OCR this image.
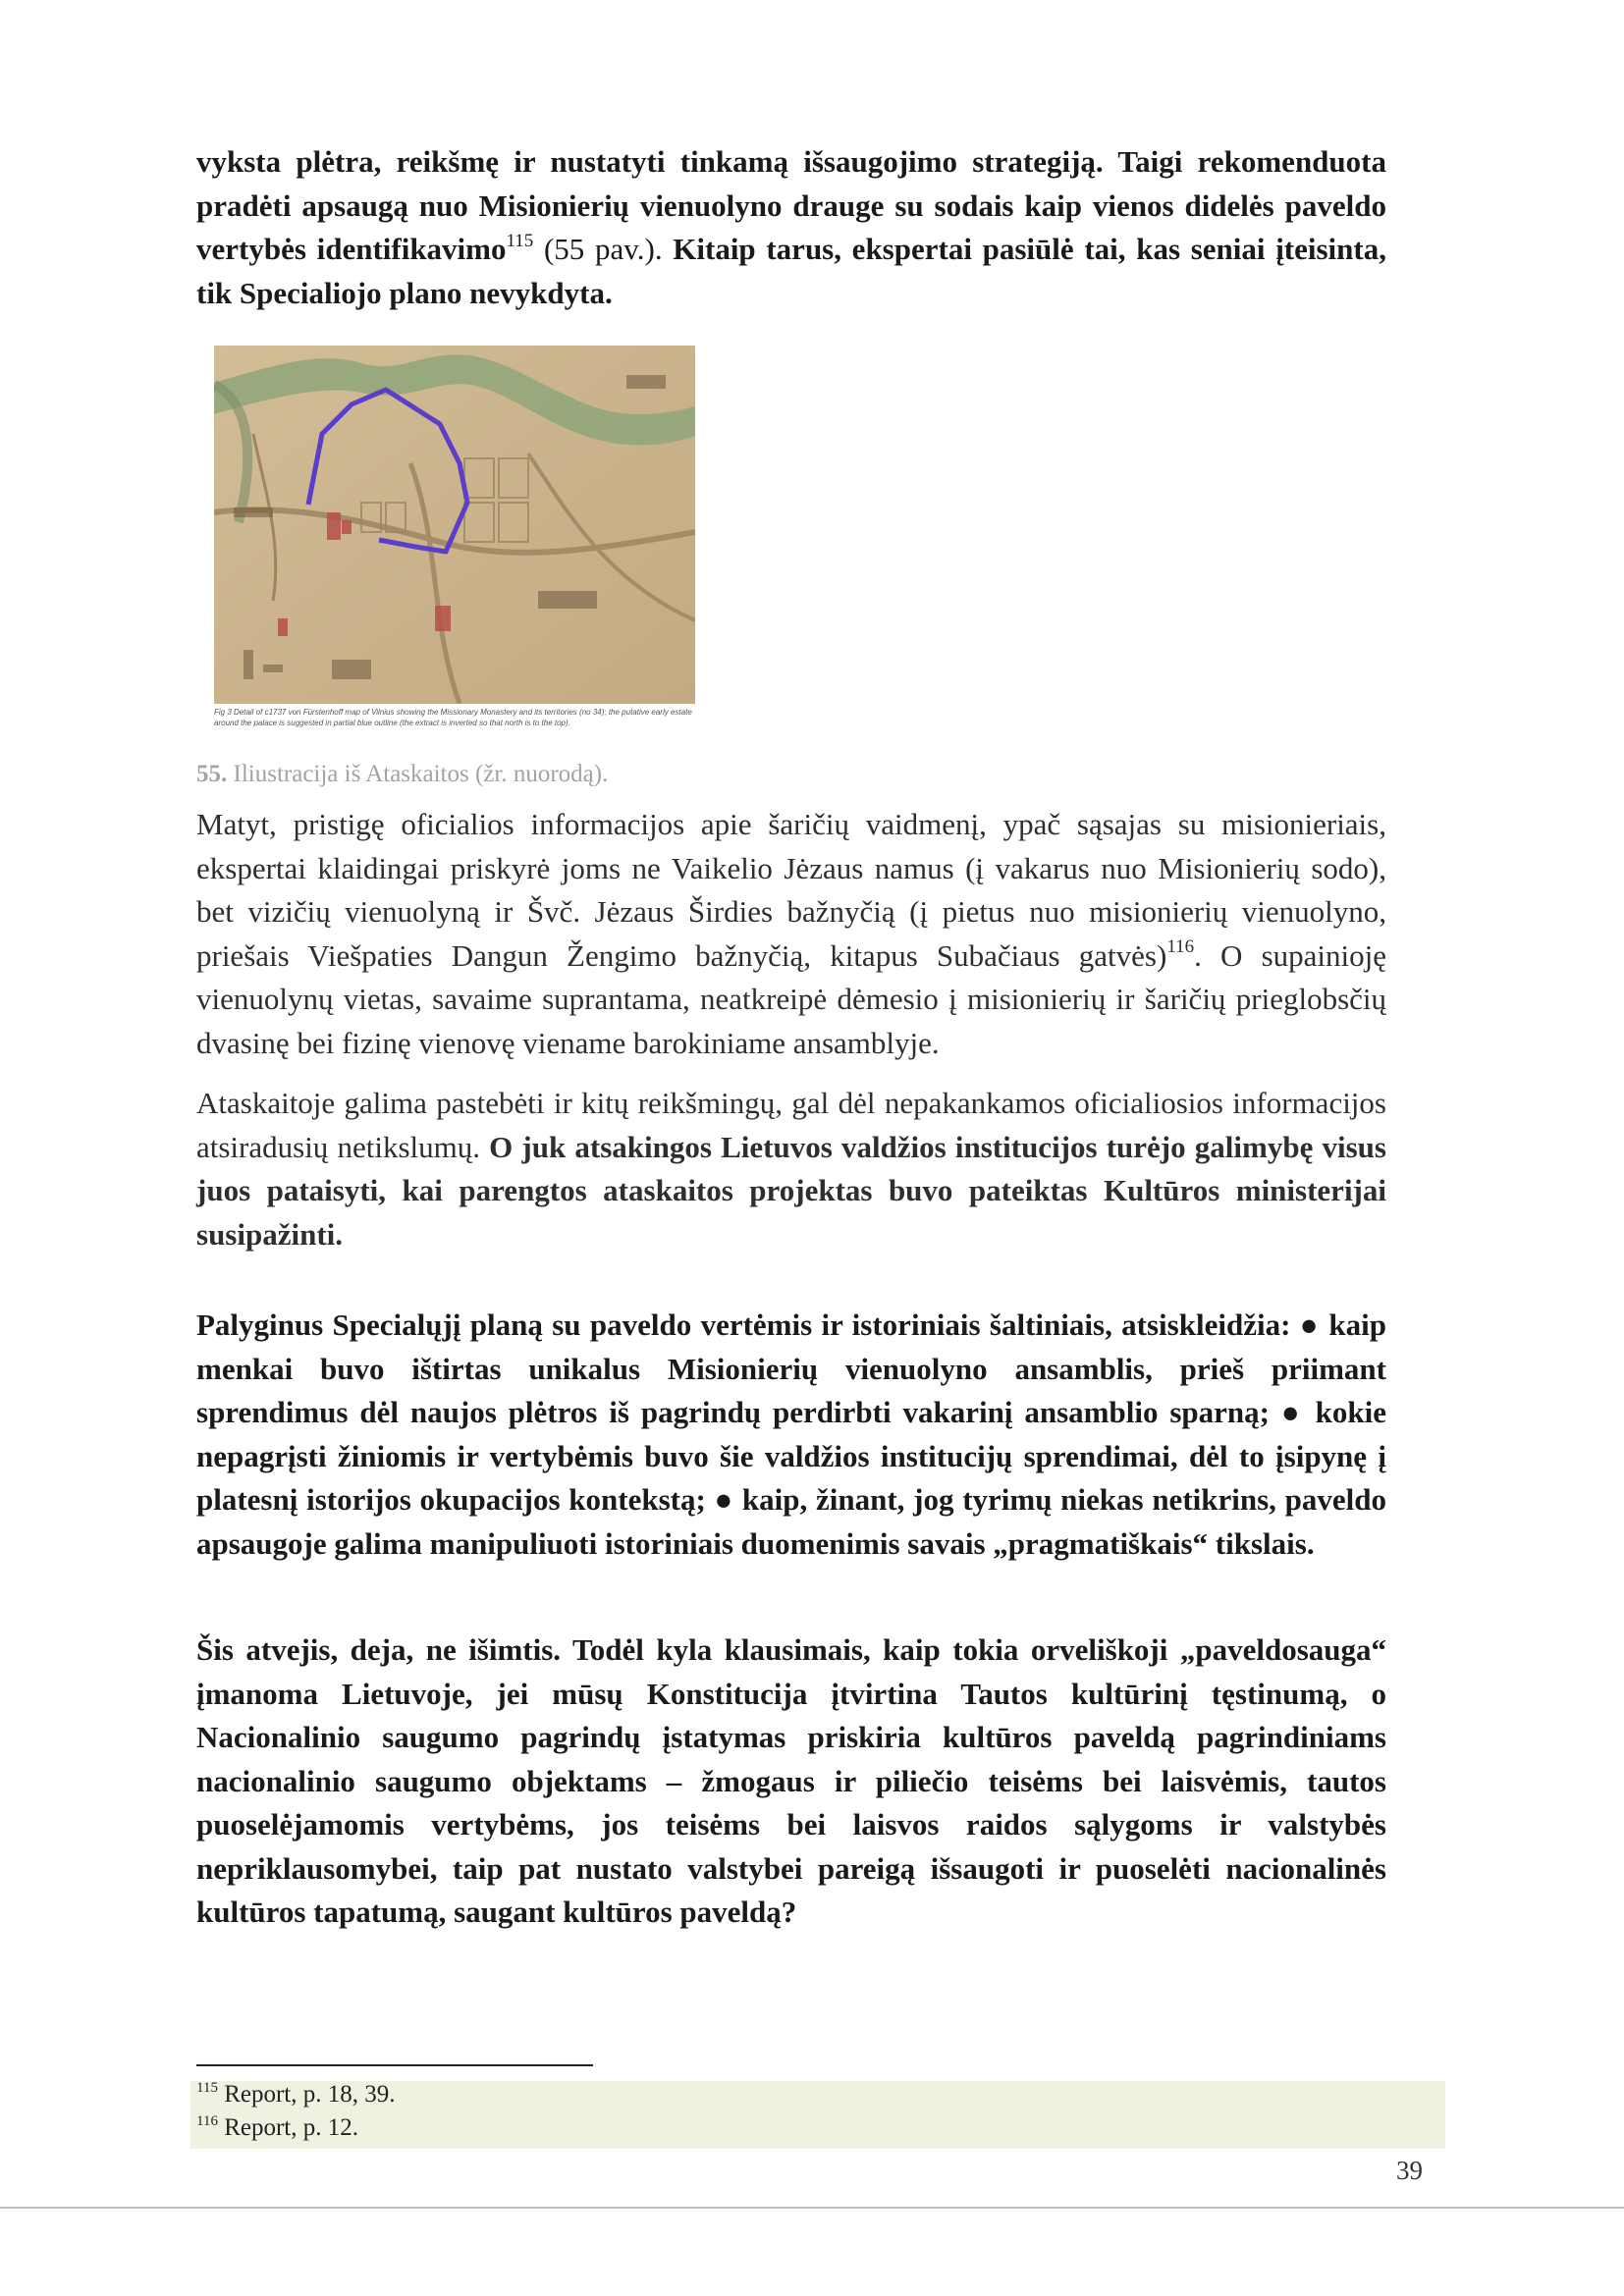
vyksta plėtra, reikšmę ir nustatyti tinkamą išsaugojimo strategiją. Taigi rekomenduota pradėti apsaugą nuo Misionierių vienuolyno drauge su sodais kaip vienos didelės paveldo vertybės identifikavimo$^{115}$ (55 pav.). Kitaip tarus, ekspertai pasiūlė tai, kas seniai įteisinta, tik Specialiojo plano nevykdyta.

Fig 3 Detail of c1737 von Fürstenhoff map of Vilnius showing the Missionary Monastery and its territories (no 34); the putative early estate around the palace is suggested in partial blue outline (the extract is inverted so that north is to the top).
55. Iliustracija iš Ataskaitos (žr. nuorodą).

Matyt, pristigę oficialios informacijos apie šaričių vaidmenį, ypač sąsajas su misionieriais, ekspertai klaidingai priskyrė joms ne Vaikelio Jėzaus namus (į vakarus nuo Misionierių sodo), bet vizičių vienuolyną ir Švč. Jėzaus Širdies bažnyčią (į pietus nuo misionierių vienuolyno, priešais Viešpaties Dangun Žengimo bažnyčią, kitapus Subačiaus gatvės)$^{116}$. O supainioję vienuolynų vietas, savaime suprantama, neatkreipė dėmesio į misionierių ir šaričių prieglobsčių dvasinę bei fizinę vienovę viename barokiniame ansamblyje.

Ataskaitoje galima pastebėti ir kitų reikšmingų, gal dėl nepakankamos oficialiosios informacijos atsiradusių netikslumų. O juk atsakingos Lietuvos valdžios institucijos turėjo galimybę visus juos pataisyti, kai parengtos ataskaitos projektas buvo pateiktas Kultūros ministerijai susipažinti.

Palyginus Specialųjį planą su paveldo vertėmis ir istoriniais šaltiniais, atsiskleidžia: ● kaip menkai buvo ištirtas unikalus Misionierių vienuolyno ansamblis, prieš priimant sprendimus dėl naujos plėtros iš pagrindų perdirbti vakarinį ansamblio sparną; ● kokie nepagrįsti žiniomis ir vertybėmis buvo šie valdžios institucijų sprendimai, dėl to įsipynę į platesnį istorijos okupacijos kontekstą; ● kaip, žinant, jog tyrimų niekas netikrins, paveldo apsaugoje galima manipuliuoti istoriniais duomenimis savais „pragmatiškais“ tikslais.

Šis atvejis, deja, ne išimtis. Todėl kyla klausimais, kaip tokia orveliškoji „paveldosauga“ įmanoma Lietuvoje, jei mūsų Konstitucija įtvirtina Tautos kultūrinį tęstinumą, o Nacionalinio saugumo pagrindų įstatymas priskiria kultūros paveldą pagrindiniams nacionalinio saugumo objektams – žmogaus ir piliečio teisėms bei laisvėmis, tautos puoselėjamomis vertybėms, jos teisėms bei laisvos raidos sąlygoms ir valstybės nepriklausomybei, taip pat nustato valstybei pareigą išsaugoti ir puoselėti nacionalinės kultūros tapatumą, saugant kultūros paveldą?

$^{115}$ Report, p. 18, 39.
$^{116}$ Report, p. 12.
39
